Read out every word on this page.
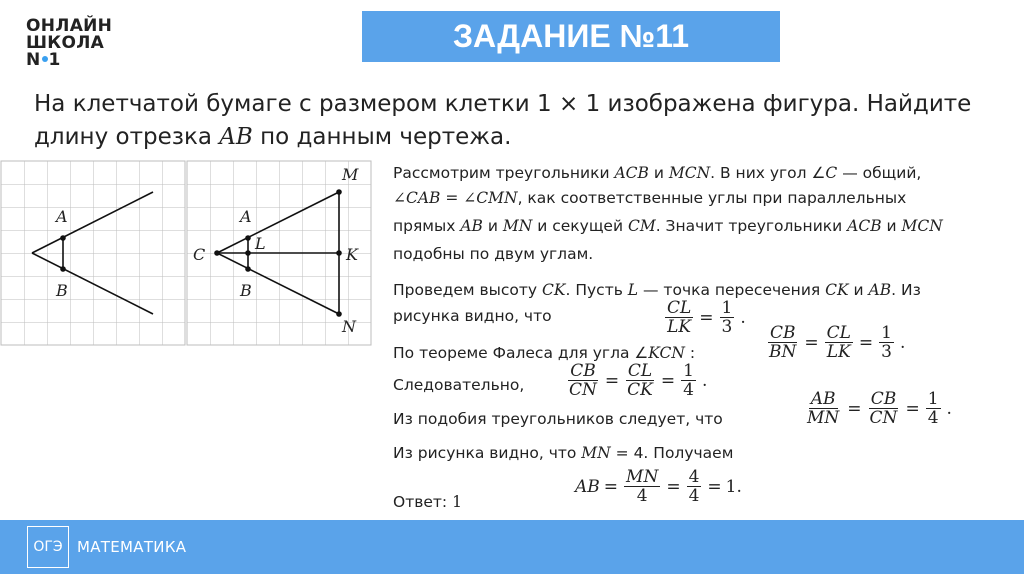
ОНЛАЙН
ШКОЛА
N 1
ЗАДАНИЕ №11
На клетчатой бумаге с размером клетки 1 × 1 изображена фигура. Найдите
длину отрезка AB по данным чертежа.
A
B
A
B
C
L
K
M
N
Рассмотрим треугольники ACB и MCN. В них угол ∠C — общий,
∠CAB = ∠CMN, как соответственные углы при параллельных
прямых AB и MN и секущей CM. Значит треугольники ACB и MCN
подобны по двум углам.
Проведем высоту CK. Пусть L — точка пересечения CK и AB. Из
рисунка видно, что
По теореме Фалеса для угла ∠KCN :
Следовательно,
Из подобия треугольников следует, что
Из рисунка видно, что MN = 4. Получаем
Ответ: 1
$\frac{CL}{LK} = \frac{1}{3}$ .
$\frac{CB}{BN} = \frac{CL}{LK} = \frac{1}{3}$ .
$\frac{CB}{CN} = \frac{CL}{CK} = \frac{1}{4}$ .
$\frac{AB}{MN} = \frac{CB}{CN} = \frac{1}{4}$ .
AB = $\frac{MN}{4} = \frac{4}{4} = 1$.
ОГЭ МАТЕМАТИКА
